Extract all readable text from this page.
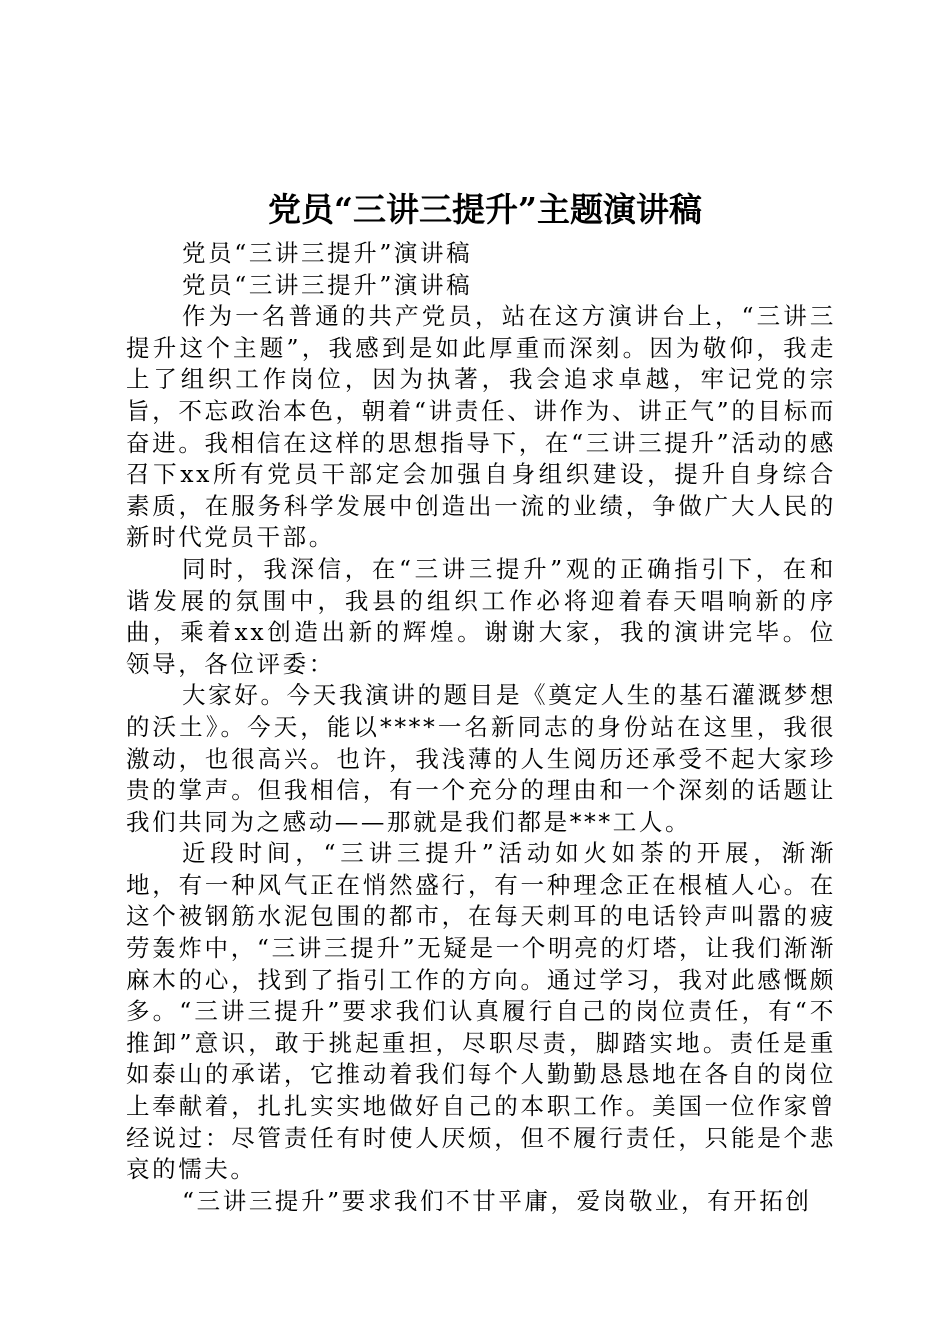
党员“三讲三提升”主题演讲稿

党员“三讲三提升”演讲稿

党员“三讲三提升”演讲稿

作为一名普通的共产党员，站在这方演讲台上，“三讲三提升这个主题”，我感到是如此厚重而深刻。因为敬仰，我走上了组织工作岗位，因为执著，我会追求卓越，牢记党的宗旨，不忘政治本色，朝着“讲责任、讲作为、讲正气”的目标而奋进。我相信在这样的思想指导下，在“三讲三提升”活动的感召下xx所有党员干部定会加强自身组织建设，提升自身综合素质，在服务科学发展中创造出一流的业绩，争做广大人民的新时代党员干部。

同时，我深信，在“三讲三提升”观的正确指引下，在和谐发展的氛围中，我县的组织工作必将迎着春天唱响新的序曲，乘着xx创造出新的辉煌。谢谢大家，我的演讲完毕。位领导，各位评委：

大家好。今天我演讲的题目是《奠定人生的基石灌溉梦想的沃土》。今天，能以****一名新同志的身份站在这里，我很激动，也很高兴。也许，我浅薄的人生阅历还承受不起大家珍贵的掌声。但我相信，有一个充分的理由和一个深刻的话题让我们共同为之感动——那就是我们都是***工人。

近段时间，“三讲三提升”活动如火如荼的开展，渐渐地，有一种风气正在悄然盛行，有一种理念正在根植人心。在这个被钢筋水泥包围的都市，在每天刺耳的电话铃声叫嚣的疲劳轰炸中，“三讲三提升”无疑是一个明亮的灯塔，让我们渐渐麻木的心，找到了指引工作的方向。通过学习，我对此感慨颇多。“三讲三提升”要求我们认真履行自己的岗位责任，有“不推卸”意识，敢于挑起重担，尽职尽责，脚踏实地。责任是重如泰山的承诺，它推动着我们每个人勤勤恳恳地在各自的岗位上奉献着，扎扎实实地做好自己的本职工作。美国一位作家曾经说过：尽管责任有时使人厌烦，但不履行责任，只能是个悲哀的懦夫。

“三讲三提升”要求我们不甘平庸，爱岗敬业，有开拓创
